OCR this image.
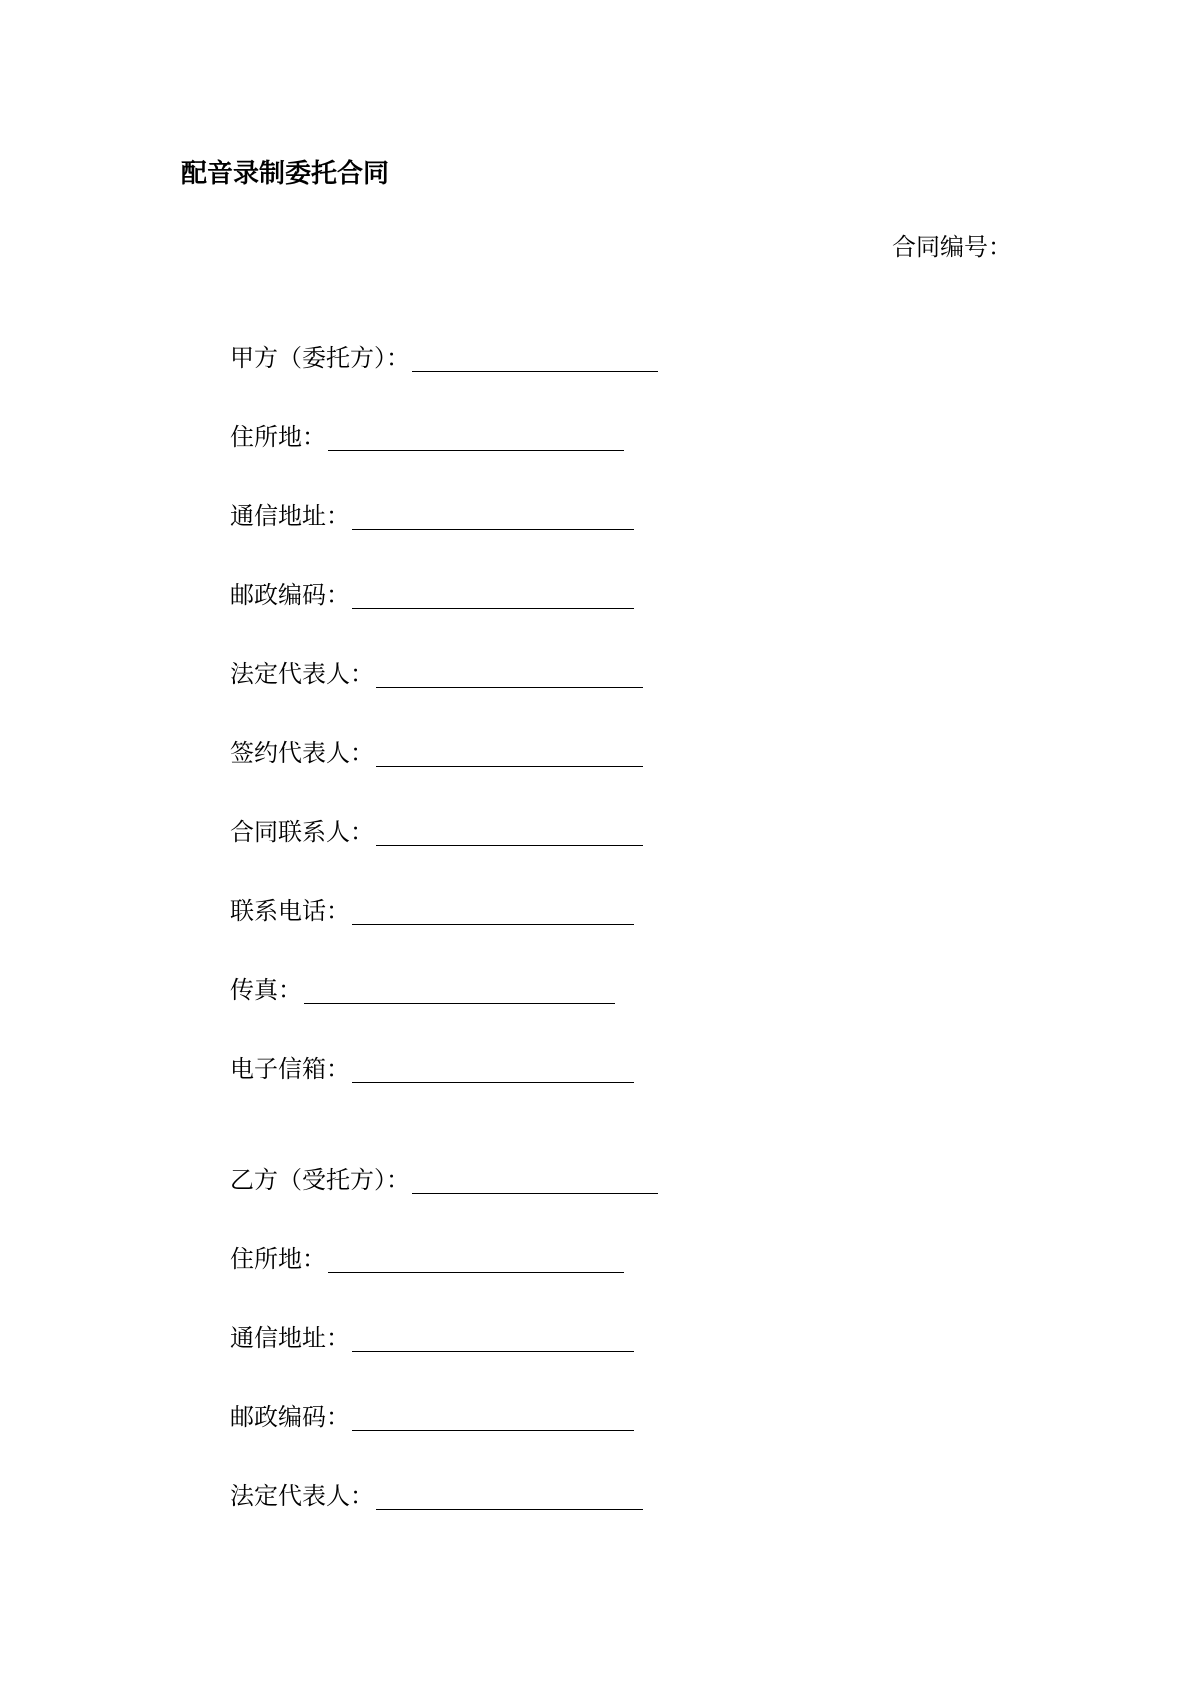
配音录制委托合同
合同编号：
甲方（委托方）：
住所地：
通信地址：
邮政编码：
法定代表人：
签约代表人：
合同联系人：
联系电话：
传真：
电子信箱：
乙方（受托方）：
住所地：
通信地址：
邮政编码：
法定代表人：
